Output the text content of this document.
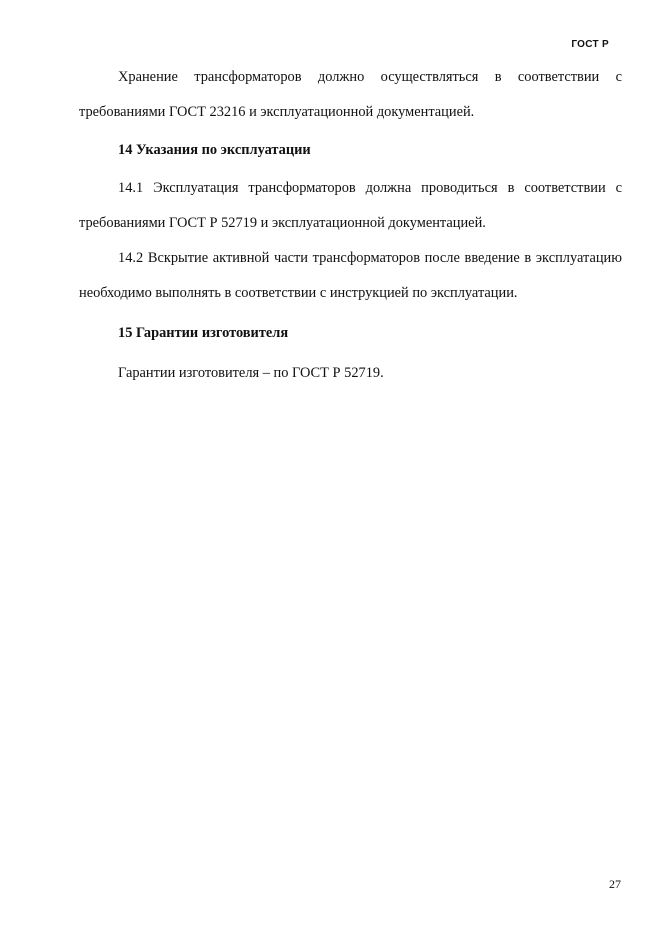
ГОСТ Р

Хранение трансформаторов должно осуществляться в соответствии с требованиями ГОСТ 23216 и эксплуатационной документацией.

14 Указания по эксплуатации

14.1 Эксплуатация трансформаторов должна проводиться в соответствии с требованиями ГОСТ Р 52719 и эксплуатационной документацией.

14.2 Вскрытие активной части трансформаторов после введение в эксплуатацию необходимо выполнять в соответствии с инструкцией по эксплуатации.

15 Гарантии изготовителя

Гарантии изготовителя – по ГОСТ Р 52719.

27
